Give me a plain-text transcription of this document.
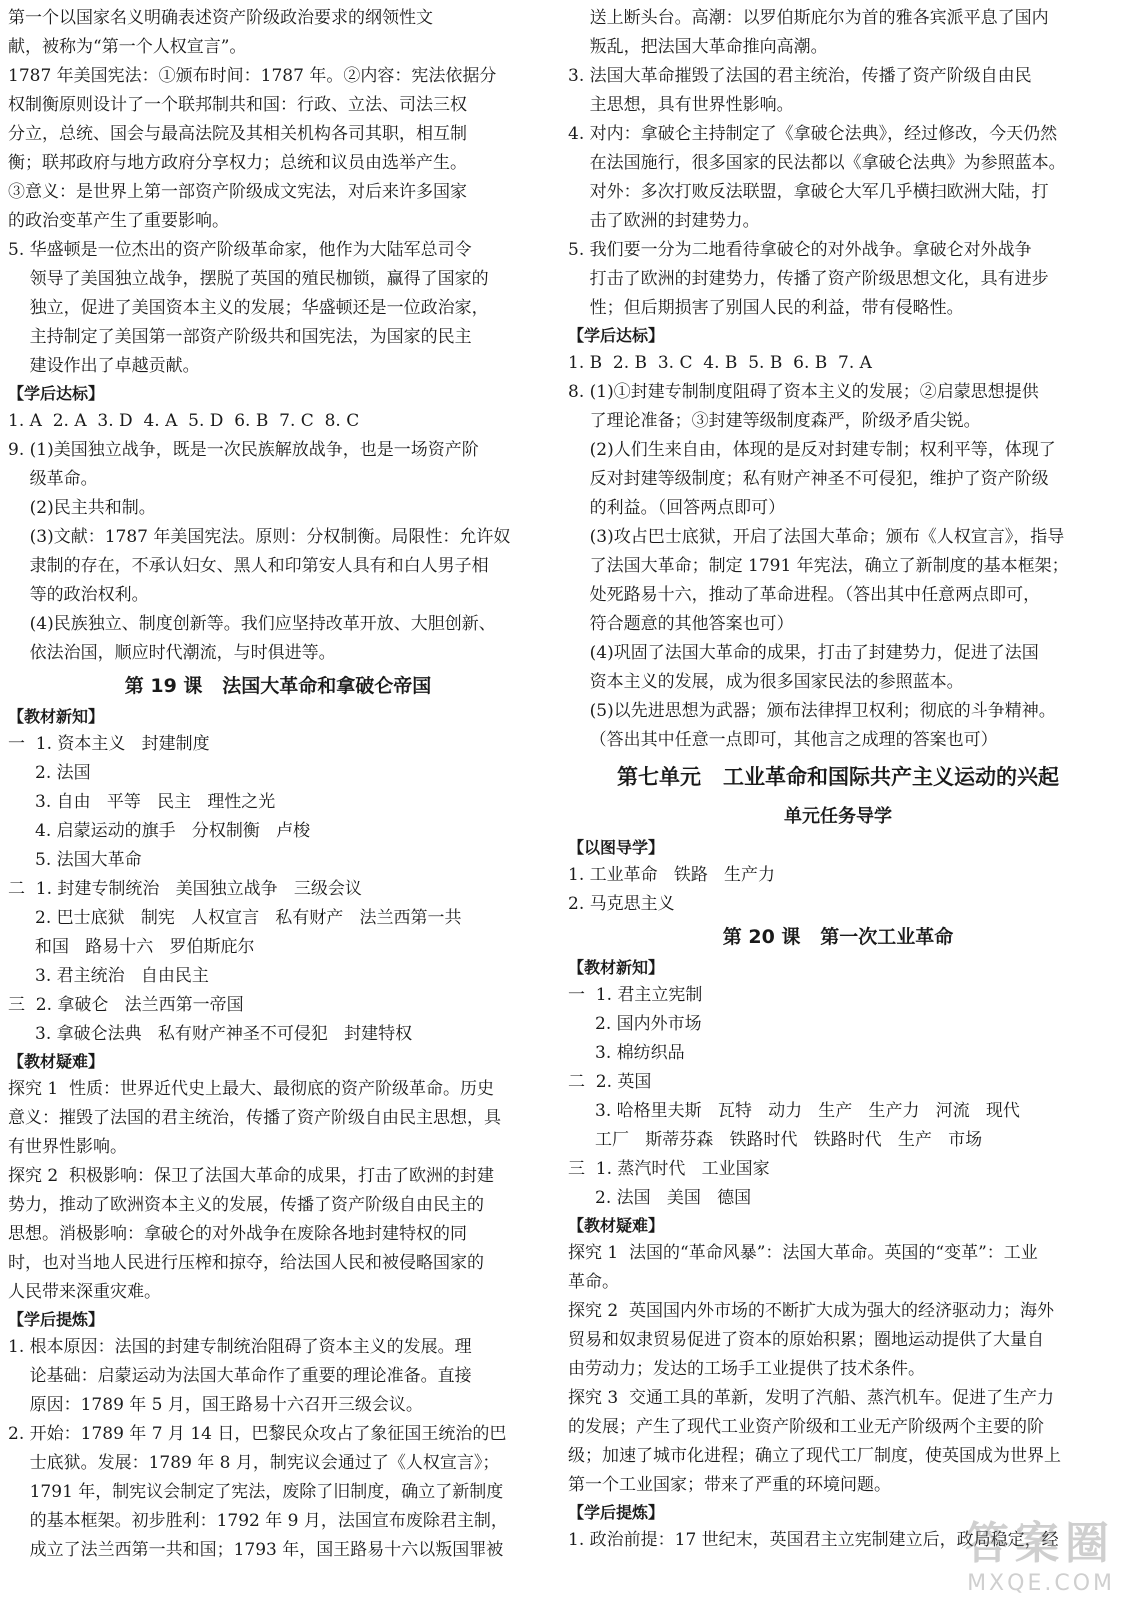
第一个以国家名义明确表述资产阶级政治要求的纲领性文
献，被称为“第一个人权宣言”。
1787 年美国宪法：①颁布时间：1787 年。②内容：宪法依据分
权制衡原则设计了一个联邦制共和国：行政、立法、司法三权
分立，总统、国会与最高法院及其相关机构各司其职，相互制
衡；联邦政府与地方政府分享权力；总统和议员由选举产生。
③意义：是世界上第一部资产阶级成文宪法，对后来许多国家
的政治变革产生了重要影响。
5. 华盛顿是一位杰出的资产阶级革命家，他作为大陆军总司令
领导了美国独立战争，摆脱了英国的殖民枷锁，赢得了国家的
独立，促进了美国资本主义的发展；华盛顿还是一位政治家，
主持制定了美国第一部资产阶级共和国宪法，为国家的民主
建设作出了卓越贡献。
【学后达标】
1. A  2. A  3. D  4. A  5. D  6. B  7. C  8. C
9. (1)美国独立战争，既是一次民族解放战争，也是一场资产阶
级革命。
(2)民主共和制。
(3)文献：1787 年美国宪法。原则：分权制衡。局限性：允许奴
隶制的存在，不承认妇女、黑人和印第安人具有和白人男子相
等的政治权利。
(4)民族独立、制度创新等。我们应坚持改革开放、大胆创新、
依法治国，顺应时代潮流，与时俱进等。
第 19 课   法国大革命和拿破仑帝国
【教材新知】
一  1. 资本主义   封建制度
2. 法国
3. 自由   平等   民主   理性之光
4. 启蒙运动的旗手   分权制衡   卢梭
5. 法国大革命
二  1. 封建专制统治   美国独立战争   三级会议
2. 巴士底狱   制宪   人权宣言   私有财产   法兰西第一共
和国   路易十六   罗伯斯庇尔
3. 君主统治   自由民主
三  2. 拿破仑   法兰西第一帝国
3. 拿破仑法典   私有财产神圣不可侵犯   封建特权
【教材疑难】
探究 1  性质：世界近代史上最大、最彻底的资产阶级革命。历史
意义：摧毁了法国的君主统治，传播了资产阶级自由民主思想，具
有世界性影响。
探究 2  积极影响：保卫了法国大革命的成果，打击了欧洲的封建
势力，推动了欧洲资本主义的发展，传播了资产阶级自由民主的
思想。消极影响：拿破仑的对外战争在废除各地封建特权的同
时，也对当地人民进行压榨和掠夺，给法国人民和被侵略国家的
人民带来深重灾难。
【学后提炼】
1. 根本原因：法国的封建专制统治阻碍了资本主义的发展。理
论基础：启蒙运动为法国大革命作了重要的理论准备。直接
原因：1789 年 5 月，国王路易十六召开三级会议。
2. 开始：1789 年 7 月 14 日，巴黎民众攻占了象征国王统治的巴
士底狱。发展：1789 年 8 月，制宪议会通过了《人权宣言》；
1791 年，制宪议会制定了宪法，废除了旧制度，确立了新制度
的基本框架。初步胜利：1792 年 9 月，法国宣布废除君主制，
成立了法兰西第一共和国；1793 年，国王路易十六以叛国罪被
送上断头台。高潮：以罗伯斯庇尔为首的雅各宾派平息了国内
叛乱，把法国大革命推向高潮。
3. 法国大革命摧毁了法国的君主统治，传播了资产阶级自由民
主思想，具有世界性影响。
4. 对内：拿破仑主持制定了《拿破仑法典》，经过修改，今天仍然
在法国施行，很多国家的民法都以《拿破仑法典》为参照蓝本。
对外：多次打败反法联盟，拿破仑大军几乎横扫欧洲大陆，打
击了欧洲的封建势力。
5. 我们要一分为二地看待拿破仑的对外战争。拿破仑对外战争
打击了欧洲的封建势力，传播了资产阶级思想文化，具有进步
性；但后期损害了别国人民的利益，带有侵略性。
【学后达标】
1. B  2. B  3. C  4. B  5. B  6. B  7. A
8. (1)①封建专制制度阻碍了资本主义的发展；②启蒙思想提供
了理论准备；③封建等级制度森严，阶级矛盾尖锐。
(2)人们生来自由，体现的是反对封建专制；权利平等，体现了
反对封建等级制度；私有财产神圣不可侵犯，维护了资产阶级
的利益。（回答两点即可）
(3)攻占巴士底狱，开启了法国大革命；颁布《人权宣言》，指导
了法国大革命；制定 1791 年宪法，确立了新制度的基本框架；
处死路易十六，推动了革命进程。（答出其中任意两点即可，
符合题意的其他答案也可）
(4)巩固了法国大革命的成果，打击了封建势力，促进了法国
资本主义的发展，成为很多国家民法的参照蓝本。
(5)以先进思想为武器；颁布法律捍卫权利；彻底的斗争精神。
（答出其中任意一点即可，其他言之成理的答案也可）
第七单元   工业革命和国际共产主义运动的兴起
单元任务导学
【以图导学】
1. 工业革命   铁路   生产力
2. 马克思主义
第 20 课   第一次工业革命
【教材新知】
一  1. 君主立宪制
2. 国内外市场
3. 棉纺织品
二  2. 英国
3. 哈格里夫斯   瓦特   动力   生产   生产力   河流   现代
工厂   斯蒂芬森   铁路时代   铁路时代   生产   市场
三  1. 蒸汽时代   工业国家
2. 法国   美国   德国
【教材疑难】
探究 1  法国的“革命风暴”：法国大革命。英国的“变革”：工业
革命。
探究 2  英国国内外市场的不断扩大成为强大的经济驱动力；海外
贸易和奴隶贸易促进了资本的原始积累；圈地运动提供了大量自
由劳动力；发达的工场手工业提供了技术条件。
探究 3  交通工具的革新，发明了汽船、蒸汽机车。促进了生产力
的发展；产生了现代工业资产阶级和工业无产阶级两个主要的阶
级；加速了城市化进程；确立了现代工厂制度，使英国成为世界上
第一个工业国家；带来了严重的环境问题。
【学后提炼】
1. 政治前提：17 世纪末，英国君主立宪制建立后，政局稳定，经
答案圈
MXQE.COM
